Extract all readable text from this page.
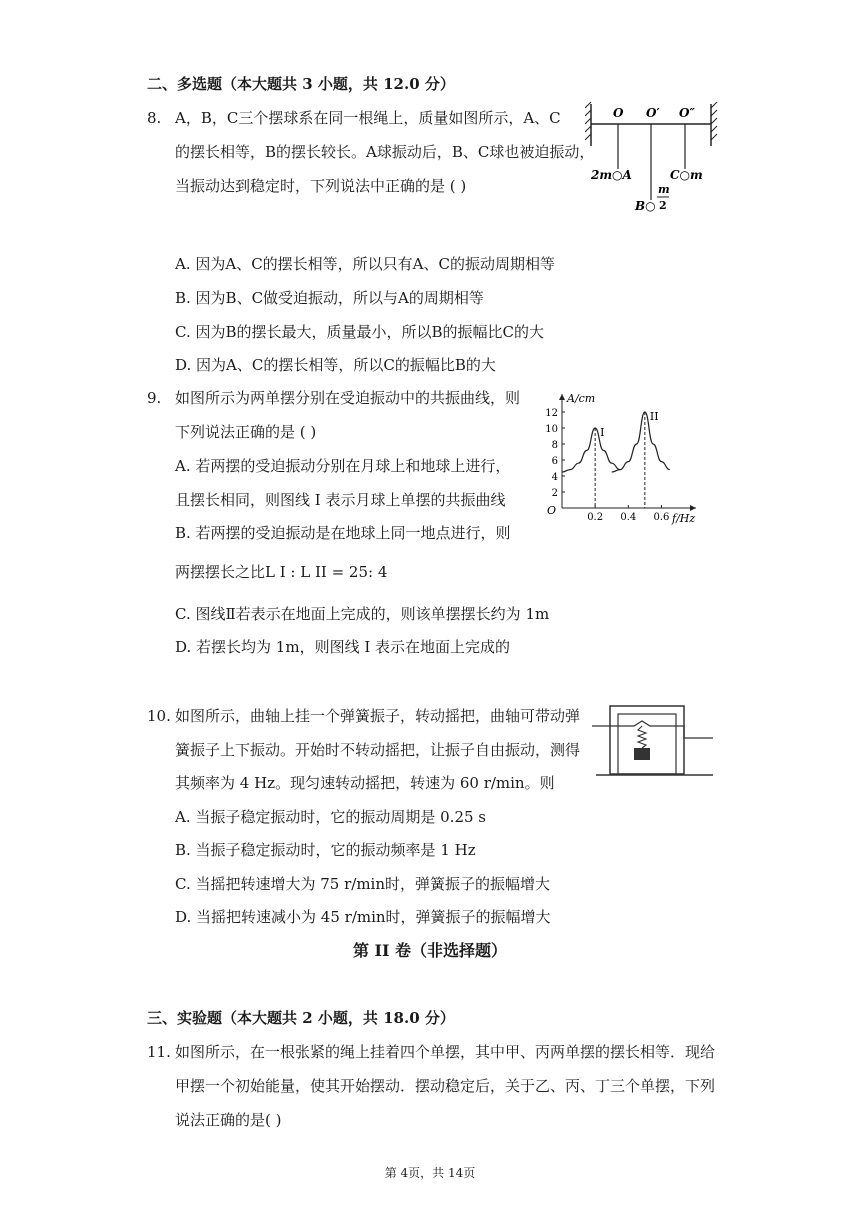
二、多选题（本大题共 3 小题，共 12.0 分）
8. A，B，C三个摆球系在同一根绳上，质量如图所示，A、C
的摆长相等，B的摆长较长。A球振动后，B、C球也被迫振动，
当振动达到稳定时，下列说法中正确的是 ( )
O O′ O″
2m○A	C○m
B○
m
2
A. 因为A、C的摆长相等，所以只有A、C的振动周期相等
B. 因为B、C做受迫振动，所以与A的周期相等
C. 因为B的摆长最大，质量最小，所以B的振幅比C的大
D. 因为A、C的摆长相等，所以C的振幅比B的大
9. 如图所示为两单摆分别在受迫振动中的共振曲线，则
下列说法正确的是 ( )
A. 若两摆的受迫振动分别在月球上和地球上进行，
且摆长相同，则图线 I 表示月球上单摆的共振曲线
B. 若两摆的受迫振动是在地球上同一地点进行，则
两摆摆长之比L I : L II = 25: 4
C. 图线Ⅱ若表示在地面上完成的，则该单摆摆长约为 1m
D. 若摆长均为 1m，则图线 I 表示在地面上完成的
A/cm
f/Hz
O
12
10
8
6
4
2
0.2 0.4 0.6
I
II
10. 如图所示，曲轴上挂一个弹簧振子，转动摇把，曲轴可带动弹
簧振子上下振动。开始时不转动摇把，让振子自由振动，测得
其频率为 4 Hz。现匀速转动摇把，转速为 60 r/min。则
A. 当振子稳定振动时，它的振动周期是 0.25 s
B. 当振子稳定振动时，它的振动频率是 1 Hz
C. 当摇把转速增大为 75 r/min时，弹簧振子的振幅增大
D. 当摇把转速减小为 45 r/min时，弹簧振子的振幅增大
第 II 卷（非选择题）
三、实验题（本大题共 2 小题，共 18.0 分）
11. 如图所示，在一根张紧的绳上挂着四个单摆，其中甲、丙两单摆的摆长相等．现给
甲摆一个初始能量，使其开始摆动．摆动稳定后，关于乙、丙、丁三个单摆，下列
说法正确的是( )
第 4页，共 14页
